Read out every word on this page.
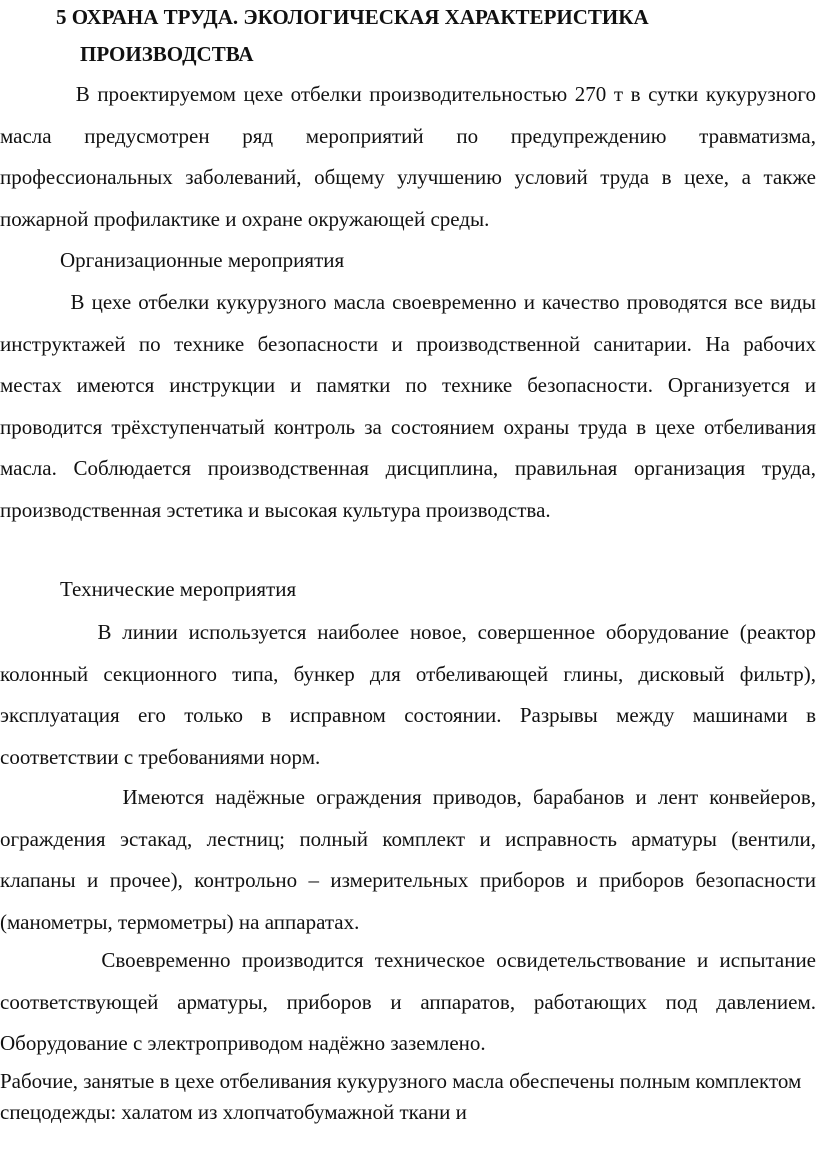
5 ОХРАНА ТРУДА. ЭКОЛОГИЧЕСКАЯ ХАРАКТЕРИСТИКА
ПРОИЗВОДСТВА

В проектируемом цехе отбелки производительностью 270 т в сутки кукурузного масла предусмотрен ряд мероприятий по предупреждению травматизма, профессиональных заболеваний, общему улучшению условий труда в цехе, а также пожарной профилактике и охране окружающей среды.

Организационные мероприятия

В цехе отбелки кукурузного масла своевременно и качество проводятся все виды инструктажей по технике безопасности и производственной санитарии. На рабочих местах имеются инструкции и памятки по технике безопасности. Организуется и проводится трёхступенчатый контроль за состоянием охраны труда в цехе отбеливания масла. Соблюдается производственная дисциплина, правильная организация труда, производственная эстетика и высокая культура производства.

Технические мероприятия

В линии используется наиболее новое, совершенное оборудование (реактор колонный секционного типа, бункер для отбеливающей глины, дисковый фильтр), эксплуатация его только в исправном состоянии. Разрывы между машинами в соответствии с требованиями норм.

Имеются надёжные ограждения приводов, барабанов и лент конвейеров, ограждения эстакад, лестниц; полный комплект и исправность арматуры (вентили, клапаны и прочее), контрольно – измерительных приборов и приборов безопасности (манометры, термометры) на аппаратах.

Своевременно производится техническое освидетельствование и испытание соответствующей арматуры, приборов и аппаратов, работающих под давлением. Оборудование с электроприводом надёжно заземлено.

Рабочие, занятые в цехе отбеливания кукурузного масла обеспечены полным комплектом спецодежды: халатом из хлопчатобумажной ткани и
